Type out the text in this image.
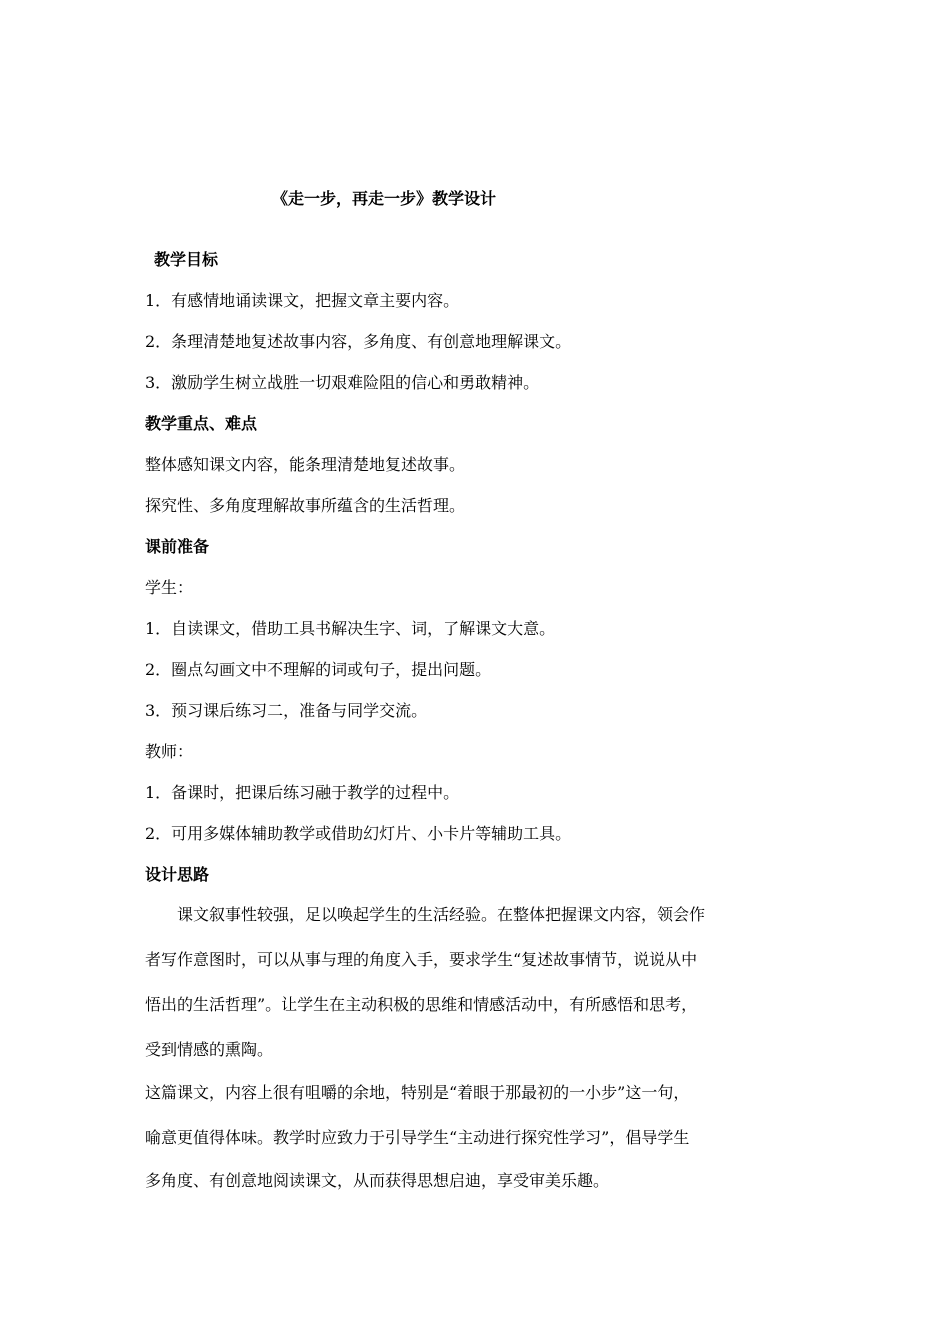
《走一步，再走一步》教学设计
教学目标
1．有感情地诵读课文，把握文章主要内容。
2．条理清楚地复述故事内容，多角度、有创意地理解课文。
3．激励学生树立战胜一切艰难险阻的信心和勇敢精神。
教学重点、难点
整体感知课文内容，能条理清楚地复述故事。
探究性、多角度理解故事所蕴含的生活哲理。
课前准备
学生：
1．自读课文，借助工具书解决生字、词，了解课文大意。
2．圈点勾画文中不理解的词或句子，提出问题。
3．预习课后练习二，准备与同学交流。
教师：
1．备课时，把课后练习融于教学的过程中。
2．可用多媒体辅助教学或借助幻灯片、小卡片等辅助工具。
设计思路
　　课文叙事性较强，足以唤起学生的生活经验。在整体把握课文内容，领会作
者写作意图时，可以从事与理的角度入手，要求学生“复述故事情节，说说从中
悟出的生活哲理”。让学生在主动积极的思维和情感活动中，有所感悟和思考，
受到情感的熏陶。
这篇课文，内容上很有咀嚼的余地，特别是“着眼于那最初的一小步”这一句，
喻意更值得体味。教学时应致力于引导学生“主动进行探究性学习”，倡导学生
多角度、有创意地阅读课文，从而获得思想启迪，享受审美乐趣。
